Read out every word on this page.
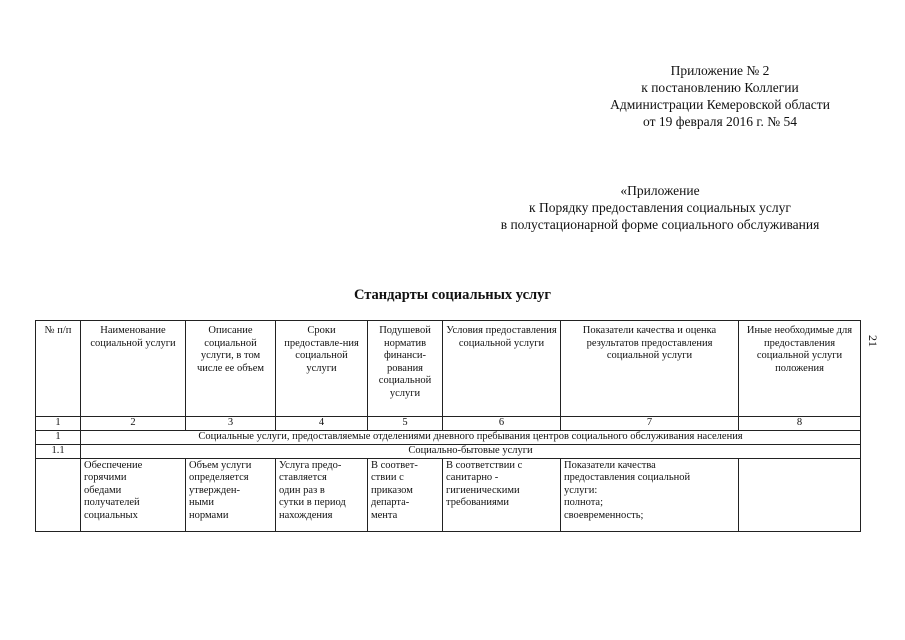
Приложение № 2
к постановлению Коллегии
Администрации Кемеровской области
от 19 февраля 2016 г. № 54
«Приложение
к Порядку предоставления социальных услуг
в полустационарной форме социального обслуживания
Стандарты социальных услуг
21
№ п/п	Наименование социальной услуги	Описание социальной услуги, в том числе ее объем	Сроки предоставле-ния социальной услуги	Подушевой норматив финанси-рования социальной услуги	Условия предоставления социальной услуги	Показатели качества и оценка результатов предоставления социальной услуги	Иные необходимые для предоставления социальной услуги положения
1	2	3	4	5	6	7	8
1	Социальные услуги, предоставляемые отделениями дневного пребывания центров социального обслуживания населения						
1.1	Социально-бытовые услуги						
	Обеспечение
горячими
обедами
получателей
социальных	Объем услуги
определяется
утвержден-
ными
нормами	Услуга предо-
ставляется
один раз в
сутки в период
нахождения	В соответ-
ствии с
приказом
департа-
мента	В соответствии с
санитарно -
гигиеническими
требованиями	Показатели качества
предоставления социальной
услуги:
полнота;
своевременность;	
